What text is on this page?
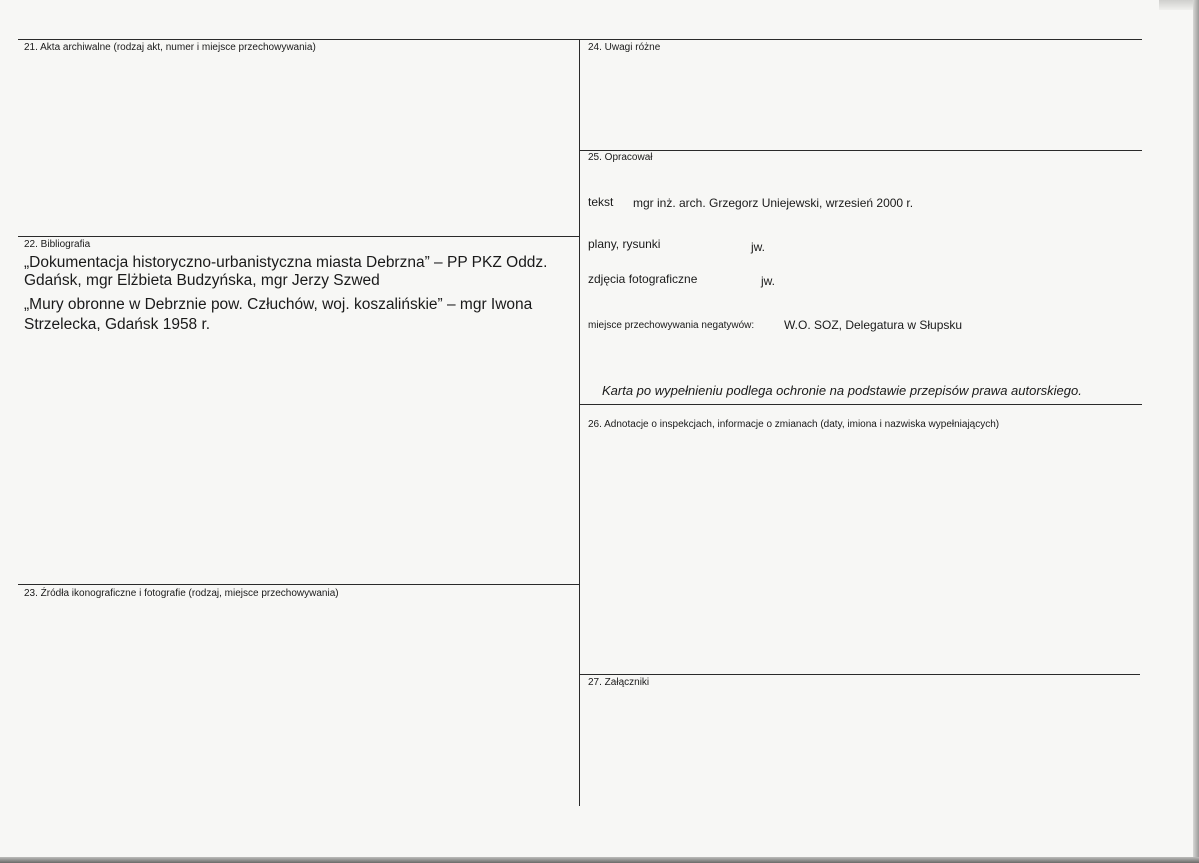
21. Akta archiwalne (rodzaj akt, numer i miejsce przechowywania)
22. Bibliografia
„Dokumentacja historyczno-urbanistyczna miasta Debrzna” – PP PKZ Oddz.
Gdańsk, mgr Elżbieta Budzyńska, mgr Jerzy Szwed
„Mury obronne w Debrznie pow. Człuchów, woj. koszalińskie” – mgr Iwona
Strzelecka, Gdańsk 1958 r.
23. Źródła ikonograficzne i fotografie (rodzaj, miejsce przechowywania)
24. Uwagi różne
25. Opracował
tekst mgr inż. arch. Grzegorz Uniejewski, wrzesień 2000 r.
plany, rysunki	jw.
zdjęcia fotograficzne	jw.
miejsce przechowywania negatywów: W.O. SOZ, Delegatura w Słupsku
Karta po wypełnieniu podlega ochronie na podstawie przepisów prawa autorskiego.
26. Adnotacje o inspekcjach, informacje o zmianach (daty, imiona i nazwiska wypełniających)
27. Załączniki
